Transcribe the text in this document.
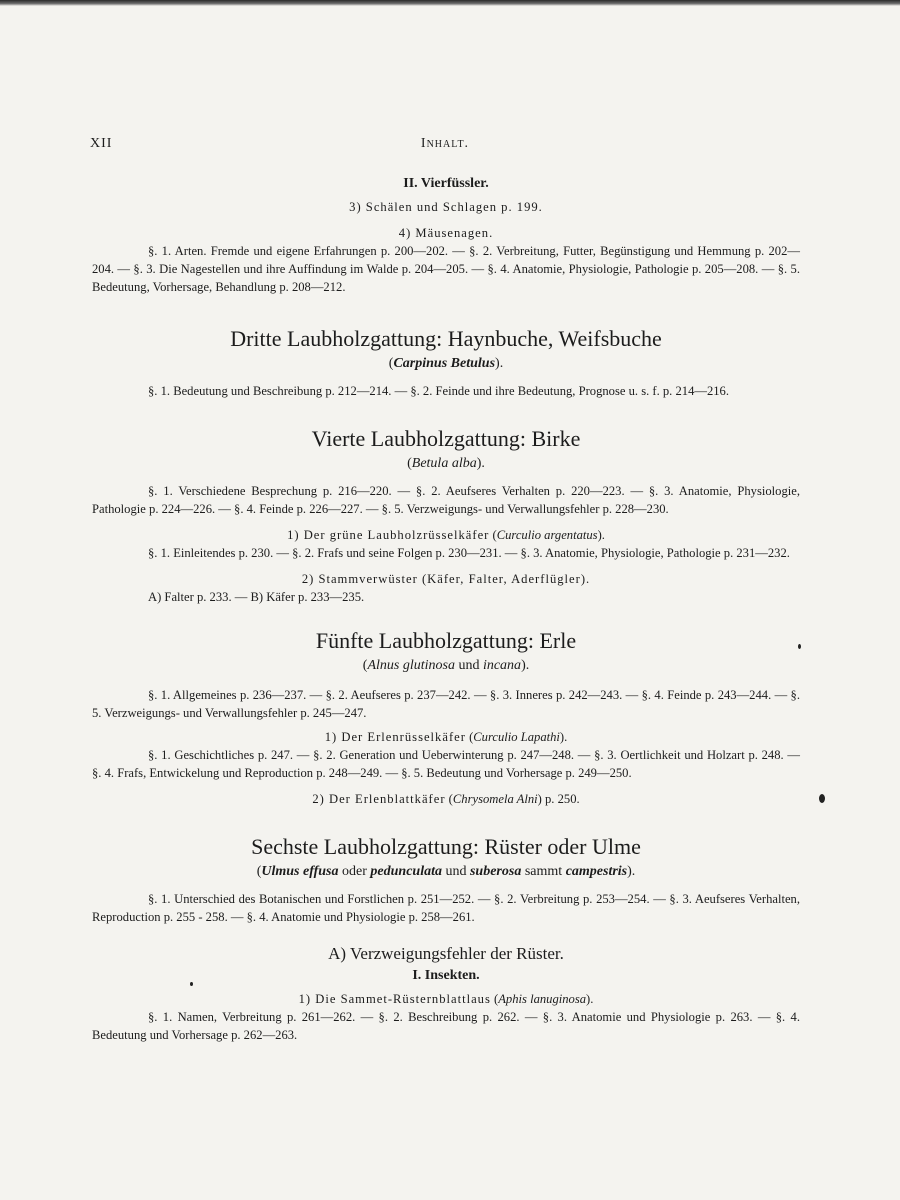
XII	Inhalt.

II. Vierfüssler.

3) Schälen und Schlagen p. 199.

4) Mäusenagen.

§. 1. Arten. Fremde und eigene Erfahrungen p. 200—202. — §. 2. Verbreitung, Futter, Begünstigung und Hemmung p. 202—204. — §. 3. Die Nagestellen und ihre Auffindung im Walde p. 204—205. — §. 4. Anatomie, Physiologie, Pathologie p. 205—208. — §. 5. Bedeutung, Vorhersage, Behandlung p. 208—212.

Dritte Laubholzgattung: Haynbuche, Weifsbuche

(Carpinus Betulus).

§. 1. Bedeutung und Beschreibung p. 212—214. — §. 2. Feinde und ihre Bedeutung, Prognose u. s. f. p. 214—216.

Vierte Laubholzgattung: Birke

(Betula alba).

§. 1. Verschiedene Besprechung p. 216—220. — §. 2. Aeufseres Verhalten p. 220—223. — §. 3. Anatomie, Physiologie, Pathologie p. 224—226. — §. 4. Feinde p. 226—227. — §. 5. Verzweigungs- und Verwallungsfehler p. 228—230.

1) Der grüne Laubholzrüsselkäfer (Curculio argentatus).

§. 1. Einleitendes p. 230. — §. 2. Frafs und seine Folgen p. 230—231. — §. 3. Anatomie, Physiologie, Pathologie p. 231—232.

2) Stammverwüster (Käfer, Falter, Aderflügler).

A) Falter p. 233. — B) Käfer p. 233—235.

Fünfte Laubholzgattung: Erle

(Alnus glutinosa und incana).

§. 1. Allgemeines p. 236—237. — §. 2. Aeufseres p. 237—242. — §. 3. Inneres p. 242—243. — §. 4. Feinde p. 243—244. — §. 5. Verzweigungs- und Verwallungsfehler p. 245—247.

1) Der Erlenrüsselkäfer (Curculio Lapathi).

§. 1. Geschichtliches p. 247. — §. 2. Generation und Ueberwinterung p. 247—248. — §. 3. Oertlichkeit und Holzart p. 248. — §. 4. Frafs, Entwickelung und Reproduction p. 248—249. — §. 5. Bedeutung und Vorhersage p. 249—250.

2) Der Erlenblattkäfer (Chrysomela Alni) p. 250.

Sechste Laubholzgattung: Rüster oder Ulme

(Ulmus effusa oder pedunculata und suberosa sammt campestris).

§. 1. Unterschied des Botanischen und Forstlichen p. 251—252. — §. 2. Verbreitung p. 253—254. — §. 3. Aeufseres Verhalten, Reproduction p. 255 - 258. — §. 4. Anatomie und Physiologie p. 258—261.

A) Verzweigungsfehler der Rüster.

I. Insekten.

1) Die Sammet-Rüsternblattlaus (Aphis lanuginosa).

§. 1. Namen, Verbreitung p. 261—262. — §. 2. Beschreibung p. 262. — §. 3. Anatomie und Physiologie p. 263. — §. 4. Bedeutung und Vorhersage p. 262—263.
